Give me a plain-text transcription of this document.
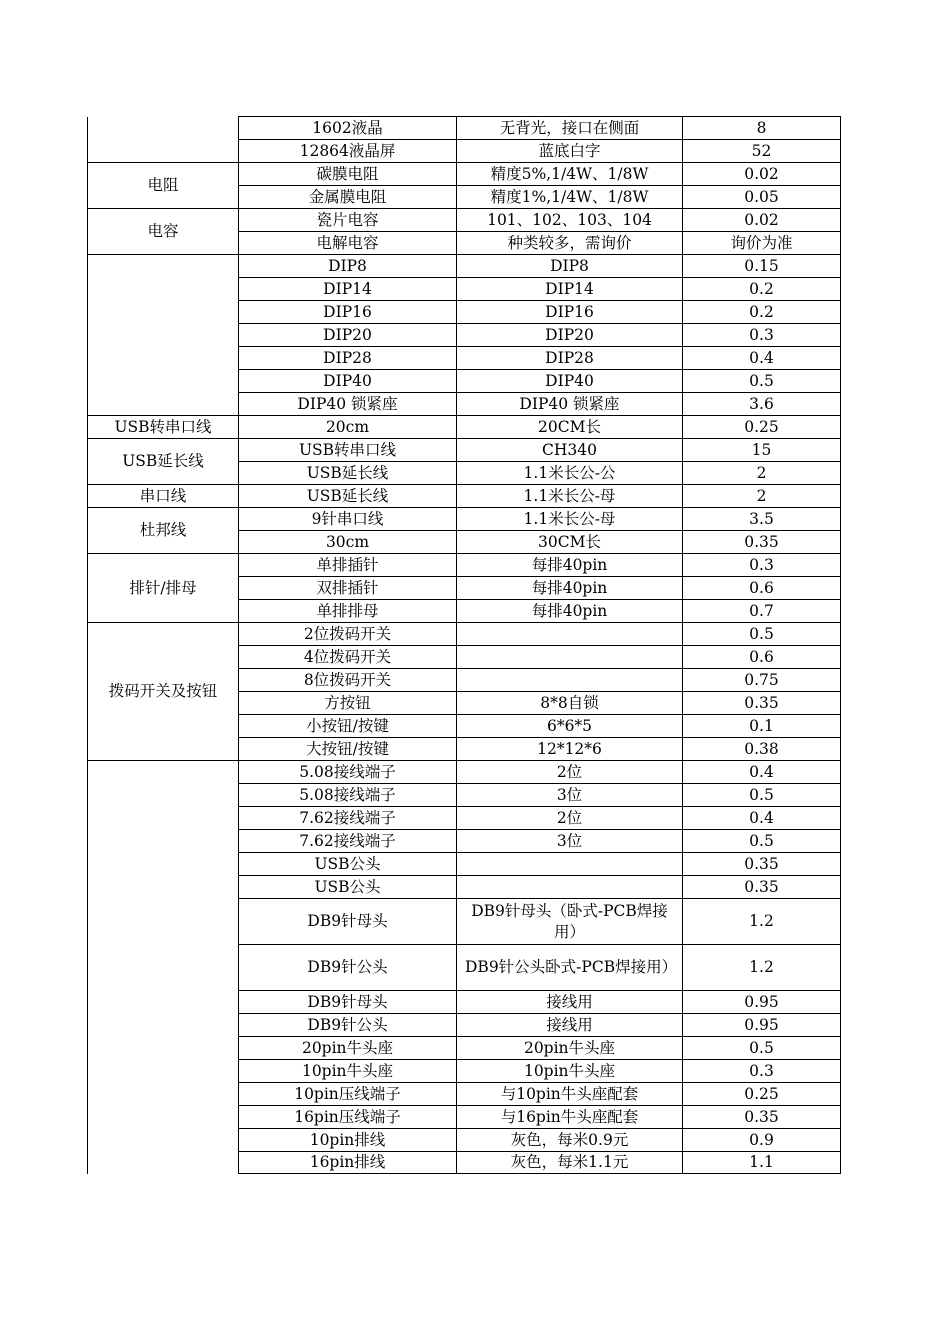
	1602液晶	无背光，接口在侧面	8
	12864液晶屏	蓝底白字	52
电阻	碳膜电阻	精度5%,1/4W、1/8W	0.02
	金属膜电阻	精度1%,1/4W、1/8W	0.05
电容	瓷片电容	101、102、103、104	0.02
	电解电容	种类较多，需询价	询价为准
	DIP8	DIP8	0.15
	DIP14	DIP14	0.2
	DIP16	DIP16	0.2
	DIP20	DIP20	0.3
	DIP28	DIP28	0.4
	DIP40	DIP40	0.5
	DIP40 锁紧座	DIP40 锁紧座	3.6
USB转串口线	20cm	20CM长	0.25
USB延长线	USB转串口线	CH340	15
	USB延长线	1.1米长公-公	2
串口线	USB延长线	1.1米长公-母	2
杜邦线	9针串口线	1.1米长公-母	3.5
	30cm	30CM长	0.35
排针/排母	单排插针	每排40pin	0.3
	双排插针	每排40pin	0.6
	单排排母	每排40pin	0.7
拨码开关及按钮	2位拨码开关		0.5
	4位拨码开关		0.6
	8位拨码开关		0.75
	方按钮	8*8自锁	0.35
	小按钮/按键	6*6*5	0.1
	大按钮/按键	12*12*6	0.38
	5.08接线端子	2位	0.4
	5.08接线端子	3位	0.5
	7.62接线端子	2位	0.4
	7.62接线端子	3位	0.5
	USB公头		0.35
	USB公头		0.35
	DB9针母头	DB9针母头（卧式-PCB焊接用）	1.2
	DB9针公头	DB9针公头卧式-PCB焊接用）	1.2
	DB9针母头	接线用	0.95
	DB9针公头	接线用	0.95
	20pin牛头座	20pin牛头座	0.5
	10pin牛头座	10pin牛头座	0.3
	10pin压线端子	与10pin牛头座配套	0.25
	16pin压线端子	与16pin牛头座配套	0.35
	10pin排线	灰色，每米0.9元	0.9
	16pin排线	灰色，每米1.1元	1.1
